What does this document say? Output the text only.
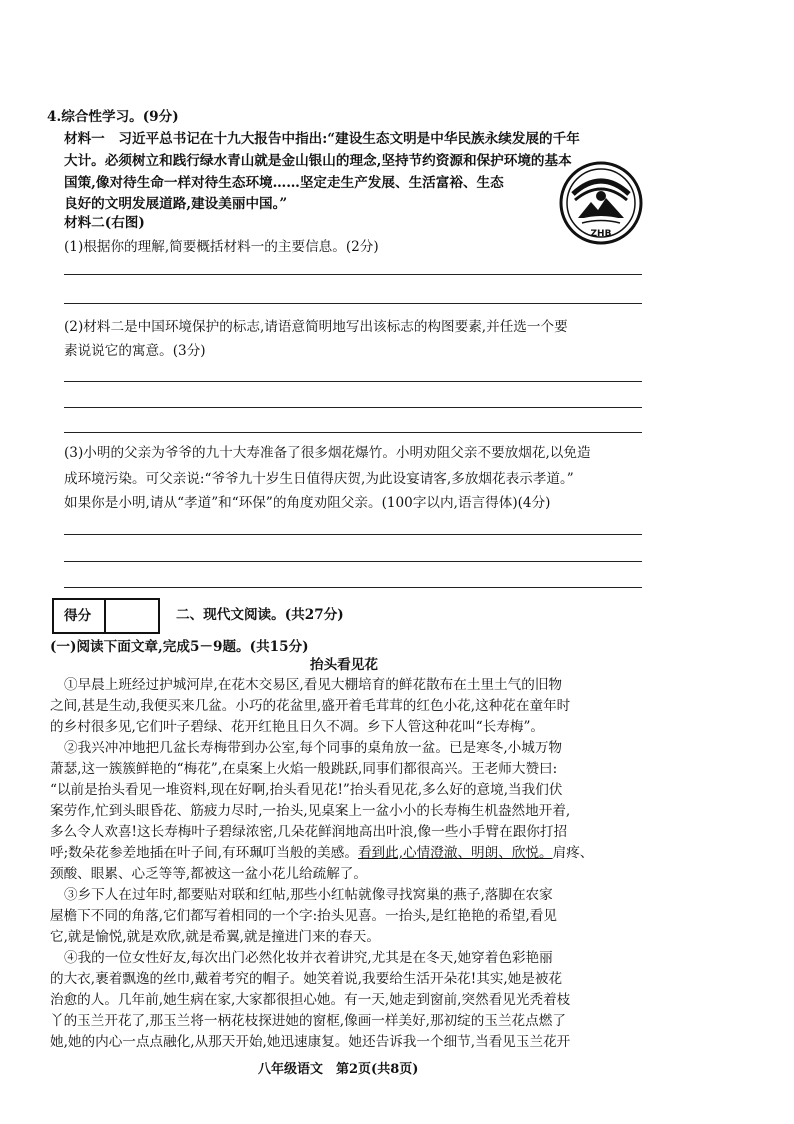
4.综合性学习。(9分)
材料一　习近平总书记在十九大报告中指出:“建设生态文明是中华民族永续发展的千年
大计。必须树立和践行绿水青山就是金山银山的理念,坚持节约资源和保护环境的基本
国策,像对待生命一样对待生态环境……坚定走生产发展、生活富裕、生态
良好的文明发展道路,建设美丽中国。”
材料二(右图)
ZHB
(1)根据你的理解,简要概括材料一的主要信息。(2分)
(2)材料二是中国环境保护的标志,请语意简明地写出该标志的构图要素,并任选一个要
素说说它的寓意。(3分)
(3)小明的父亲为爷爷的九十大寿准备了很多烟花爆竹。小明劝阻父亲不要放烟花,以免造
成环境污染。可父亲说:“爷爷九十岁生日值得庆贺,为此设宴请客,多放烟花表示孝道。”
如果你是小明,请从“孝道”和“环保”的角度劝阻父亲。(100字以内,语言得体)(4分)
得分	二、现代文阅读。(共27分)
(一)阅读下面文章,完成5－9题。(共15分)
抬头看见花
①早晨上班经过护城河岸,在花木交易区,看见大棚培育的鲜花散布在土里土气的旧物
之间,甚是生动,我便买来几盆。小巧的花盆里,盛开着毛茸茸的红色小花,这种花在童年时
的乡村很多见,它们叶子碧绿、花开红艳且日久不凋。乡下人管这种花叫“长寿梅”。
②我兴冲冲地把几盆长寿梅带到办公室,每个同事的桌角放一盆。已是寒冬,小城万物
萧瑟,这一簇簇鲜艳的“梅花”,在桌案上火焰一般跳跃,同事们都很高兴。王老师大赞曰:
“以前是抬头看见一堆资料,现在好啊,抬头看见花!”抬头看见花,多么好的意境,当我们伏
案劳作,忙到头眼昏花、筋疲力尽时,一抬头,见桌案上一盆小小的长寿梅生机盎然地开着,
多么令人欢喜!这长寿梅叶子碧绿浓密,几朵花鲜润地高出叶浪,像一些小手臂在跟你打招
呼;数朵花参差地插在叶子间,有环珮叮当般的美感。看到此,心情澄澈、明朗、欣悦。肩疼、
颈酸、眼累、心乏等等,都被这一盆小花儿给疏解了。
③乡下人在过年时,都要贴对联和红帖,那些小红帖就像寻找窝巢的燕子,落脚在农家
屋檐下不同的角落,它们都写着相同的一个字:抬头见喜。一抬头,是红艳艳的希望,看见
它,就是愉悦,就是欢欣,就是希翼,就是撞进门来的春天。
④我的一位女性好友,每次出门必然化妆并衣着讲究,尤其是在冬天,她穿着色彩艳丽
的大衣,裹着飘逸的丝巾,戴着考究的帽子。她笑着说,我要给生活开朵花!其实,她是被花
治愈的人。几年前,她生病在家,大家都很担心她。有一天,她走到窗前,突然看见光秃着枝
丫的玉兰开花了,那玉兰将一柄花枝探进她的窗框,像画一样美好,那初绽的玉兰花点燃了
她,她的内心一点点融化,从那天开始,她迅速康复。她还告诉我一个细节,当看见玉兰花开
八年级语文　第2页(共8页)
